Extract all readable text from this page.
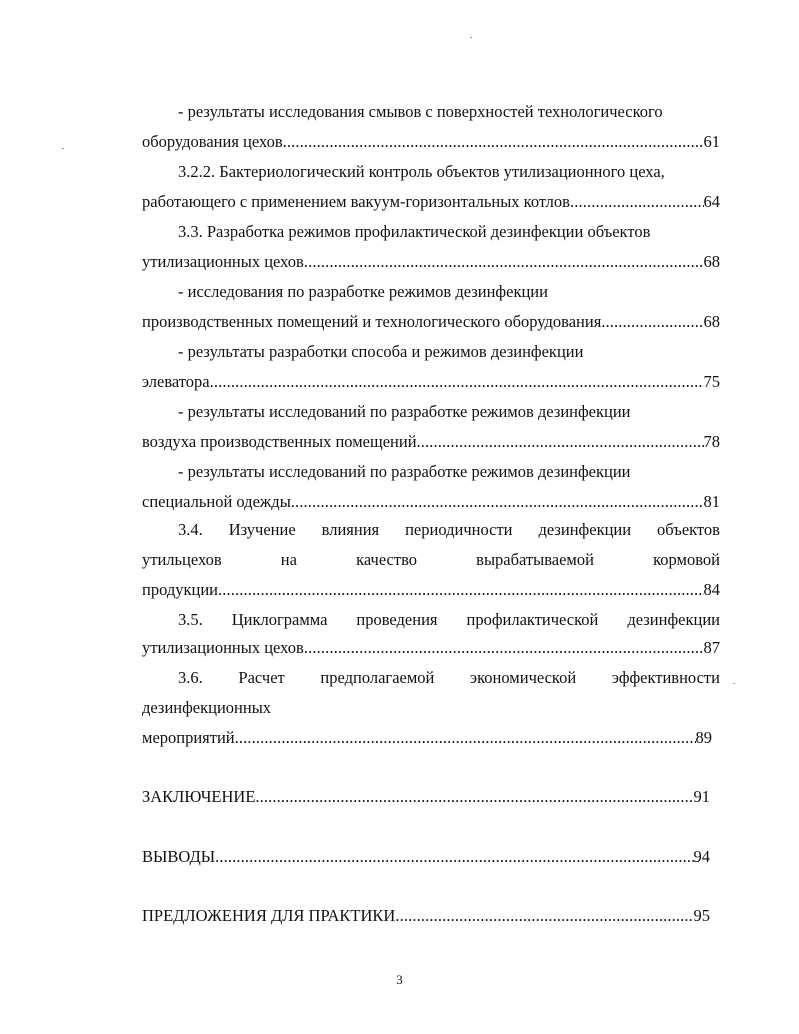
- результаты исследования смывов с поверхностей технологического
оборудования цехов . . .	61
3.2.2. Бактериологический контроль объектов утилизационного цеха,
работающего с применением вакуум-горизонтальных котлов . . .	64
3.3. Разработка режимов профилактической дезинфекции объектов
утилизационных цехов . . .	68
- исследования по разработке режимов дезинфекции
производственных помещений и технологического оборудования . . .	68
- результаты разработки способа и режимов дезинфекции
элеватора . . .	75
- результаты исследований по разработке режимов дезинфекции
воздуха производственных помещений . . .	78
- результаты исследований по разработке режимов дезинфекции
специальной одежды . . .	81
3.4. Изучение влияния периодичности дезинфекции объектов
утильцехов	на	качество	вырабатываемой	кормовой
продукции . . .	84
3.5. Циклограмма проведения профилактической дезинфекции
утилизационных цехов . . .	87
3.6. Расчет предполагаемой экономической эффективности
дезинфекционных
мероприятий . . .	89
ЗАКЛЮЧЕНИЕ . . .	91
ВЫВОДЫ . . .	94
ПРЕДЛОЖЕНИЯ ДЛЯ ПРАКТИКИ . . .	95
3
